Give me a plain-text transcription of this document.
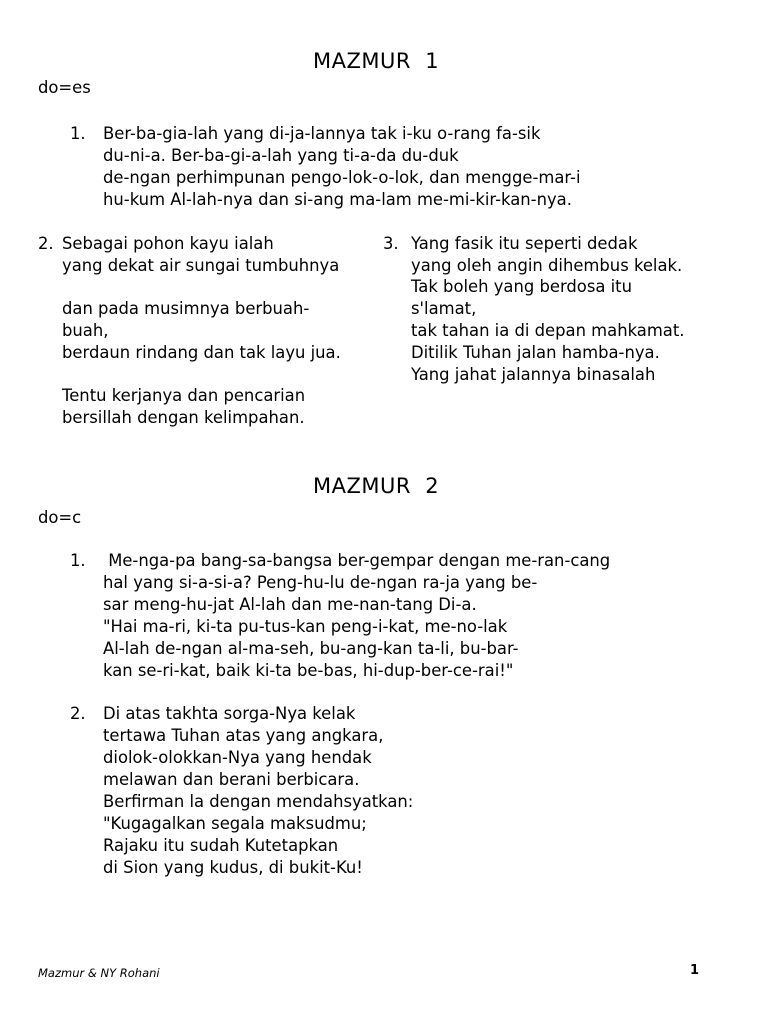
MAZMUR  1
do=es
1. Ber-ba-gia-lah yang di-ja-lannya tak i-ku o-rang fa-sik
du-ni-a. Ber-ba-gi-a-lah yang ti-a-da du-duk
de-ngan perhimpunan pengo-lok-o-lok, dan mengge-mar-i
hu-kum Al-lah-nya dan si-ang ma-lam me-mi-kir-kan-nya.
2. Sebagai pohon kayu ialah
yang dekat air sungai tumbuhnya
dan pada musimnya berbuah-
buah,
berdaun rindang dan tak layu jua.
Tentu kerjanya dan pencarian
bersillah dengan kelimpahan.
3. Yang fasik itu seperti dedak
yang oleh angin dihembus kelak.
Tak boleh yang berdosa itu
s'lamat,
tak tahan ia di depan mahkamat.
Ditilik Tuhan jalan hamba-nya.
Yang jahat jalannya binasalah
MAZMUR  2
do=c
1. Me-nga-pa bang-sa-bangsa ber-gempar dengan me-ran-cang
hal yang si-a-si-a? Peng-hu-lu de-ngan ra-ja yang be-
sar meng-hu-jat Al-lah dan me-nan-tang Di-a.
"Hai ma-ri, ki-ta pu-tus-kan peng-i-kat, me-no-lak
Al-lah de-ngan al-ma-seh, bu-ang-kan ta-li, bu-bar-
kan se-ri-kat, baik ki-ta be-bas, hi-dup-ber-ce-rai!"
2. Di atas takhta sorga-Nya kelak
tertawa Tuhan atas yang angkara,
diolok-olokkan-Nya yang hendak
melawan dan berani berbicara.
Berfirman la dengan mendahsyatkan:
"Kugagalkan segala maksudmu;
Rajaku itu sudah Kutetapkan
di Sion yang kudus, di bukit-Ku!
Mazmur & NY Rohani	1
